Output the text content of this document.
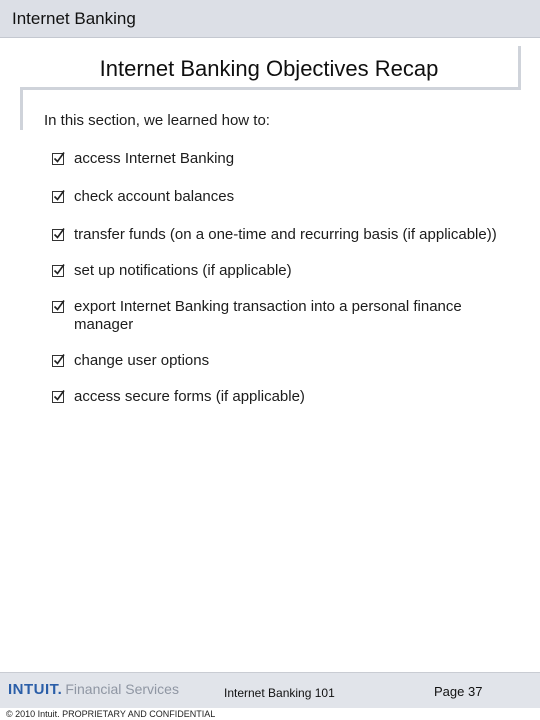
Internet Banking
Internet Banking Objectives Recap
In this section, we learned how to:
access Internet Banking
check account balances
transfer funds (on a one-time and recurring basis (if applicable))
set up notifications (if applicable)
export Internet Banking transaction into a personal finance manager
change user options
access secure forms (if applicable)
INTUIT. Financial Services	Internet Banking 101	Page 37
© 2010 Intuit. PROPRIETARY AND CONFIDENTIAL
